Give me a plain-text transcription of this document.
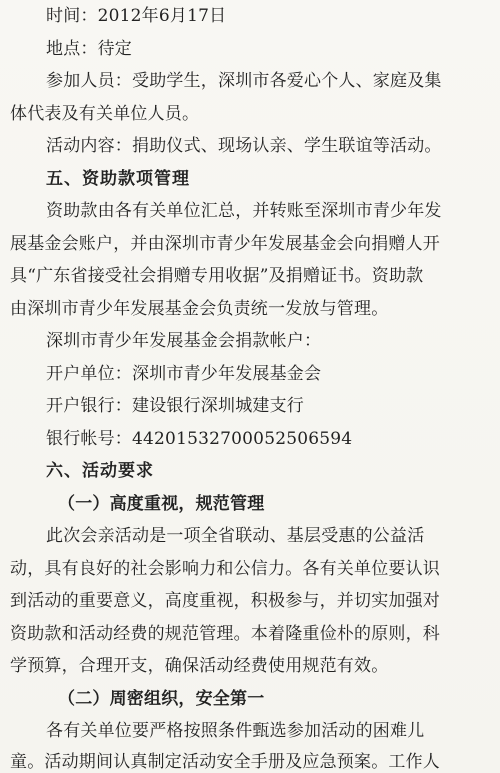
时间：2012年6月17日
地点：待定
参加人员：受助学生，深圳市各爱心个人、家庭及集
体代表及有关单位人员。
活动内容：捐助仪式、现场认亲、学生联谊等活动。
五、资助款项管理
资助款由各有关单位汇总，并转账至深圳市青少年发
展基金会账户，并由深圳市青少年发展基金会向捐赠人开
具“广东省接受社会捐赠专用收据”及捐赠证书。资助款
由深圳市青少年发展基金会负责统一发放与管理。
深圳市青少年发展基金会捐款帐户：
开户单位：深圳市青少年发展基金会
开户银行：建设银行深圳城建支行
银行帐号：44201532700052506594
六、活动要求
（一）高度重视，规范管理
此次会亲活动是一项全省联动、基层受惠的公益活
动，具有良好的社会影响力和公信力。各有关单位要认识
到活动的重要意义，高度重视，积极参与，并切实加强对
资助款和活动经费的规范管理。本着隆重俭朴的原则，科
学预算，合理开支，确保活动经费使用规范有效。
（二）周密组织，安全第一
各有关单位要严格按照条件甄选参加活动的困难儿
童。活动期间认真制定活动安全手册及应急预案。工作人
